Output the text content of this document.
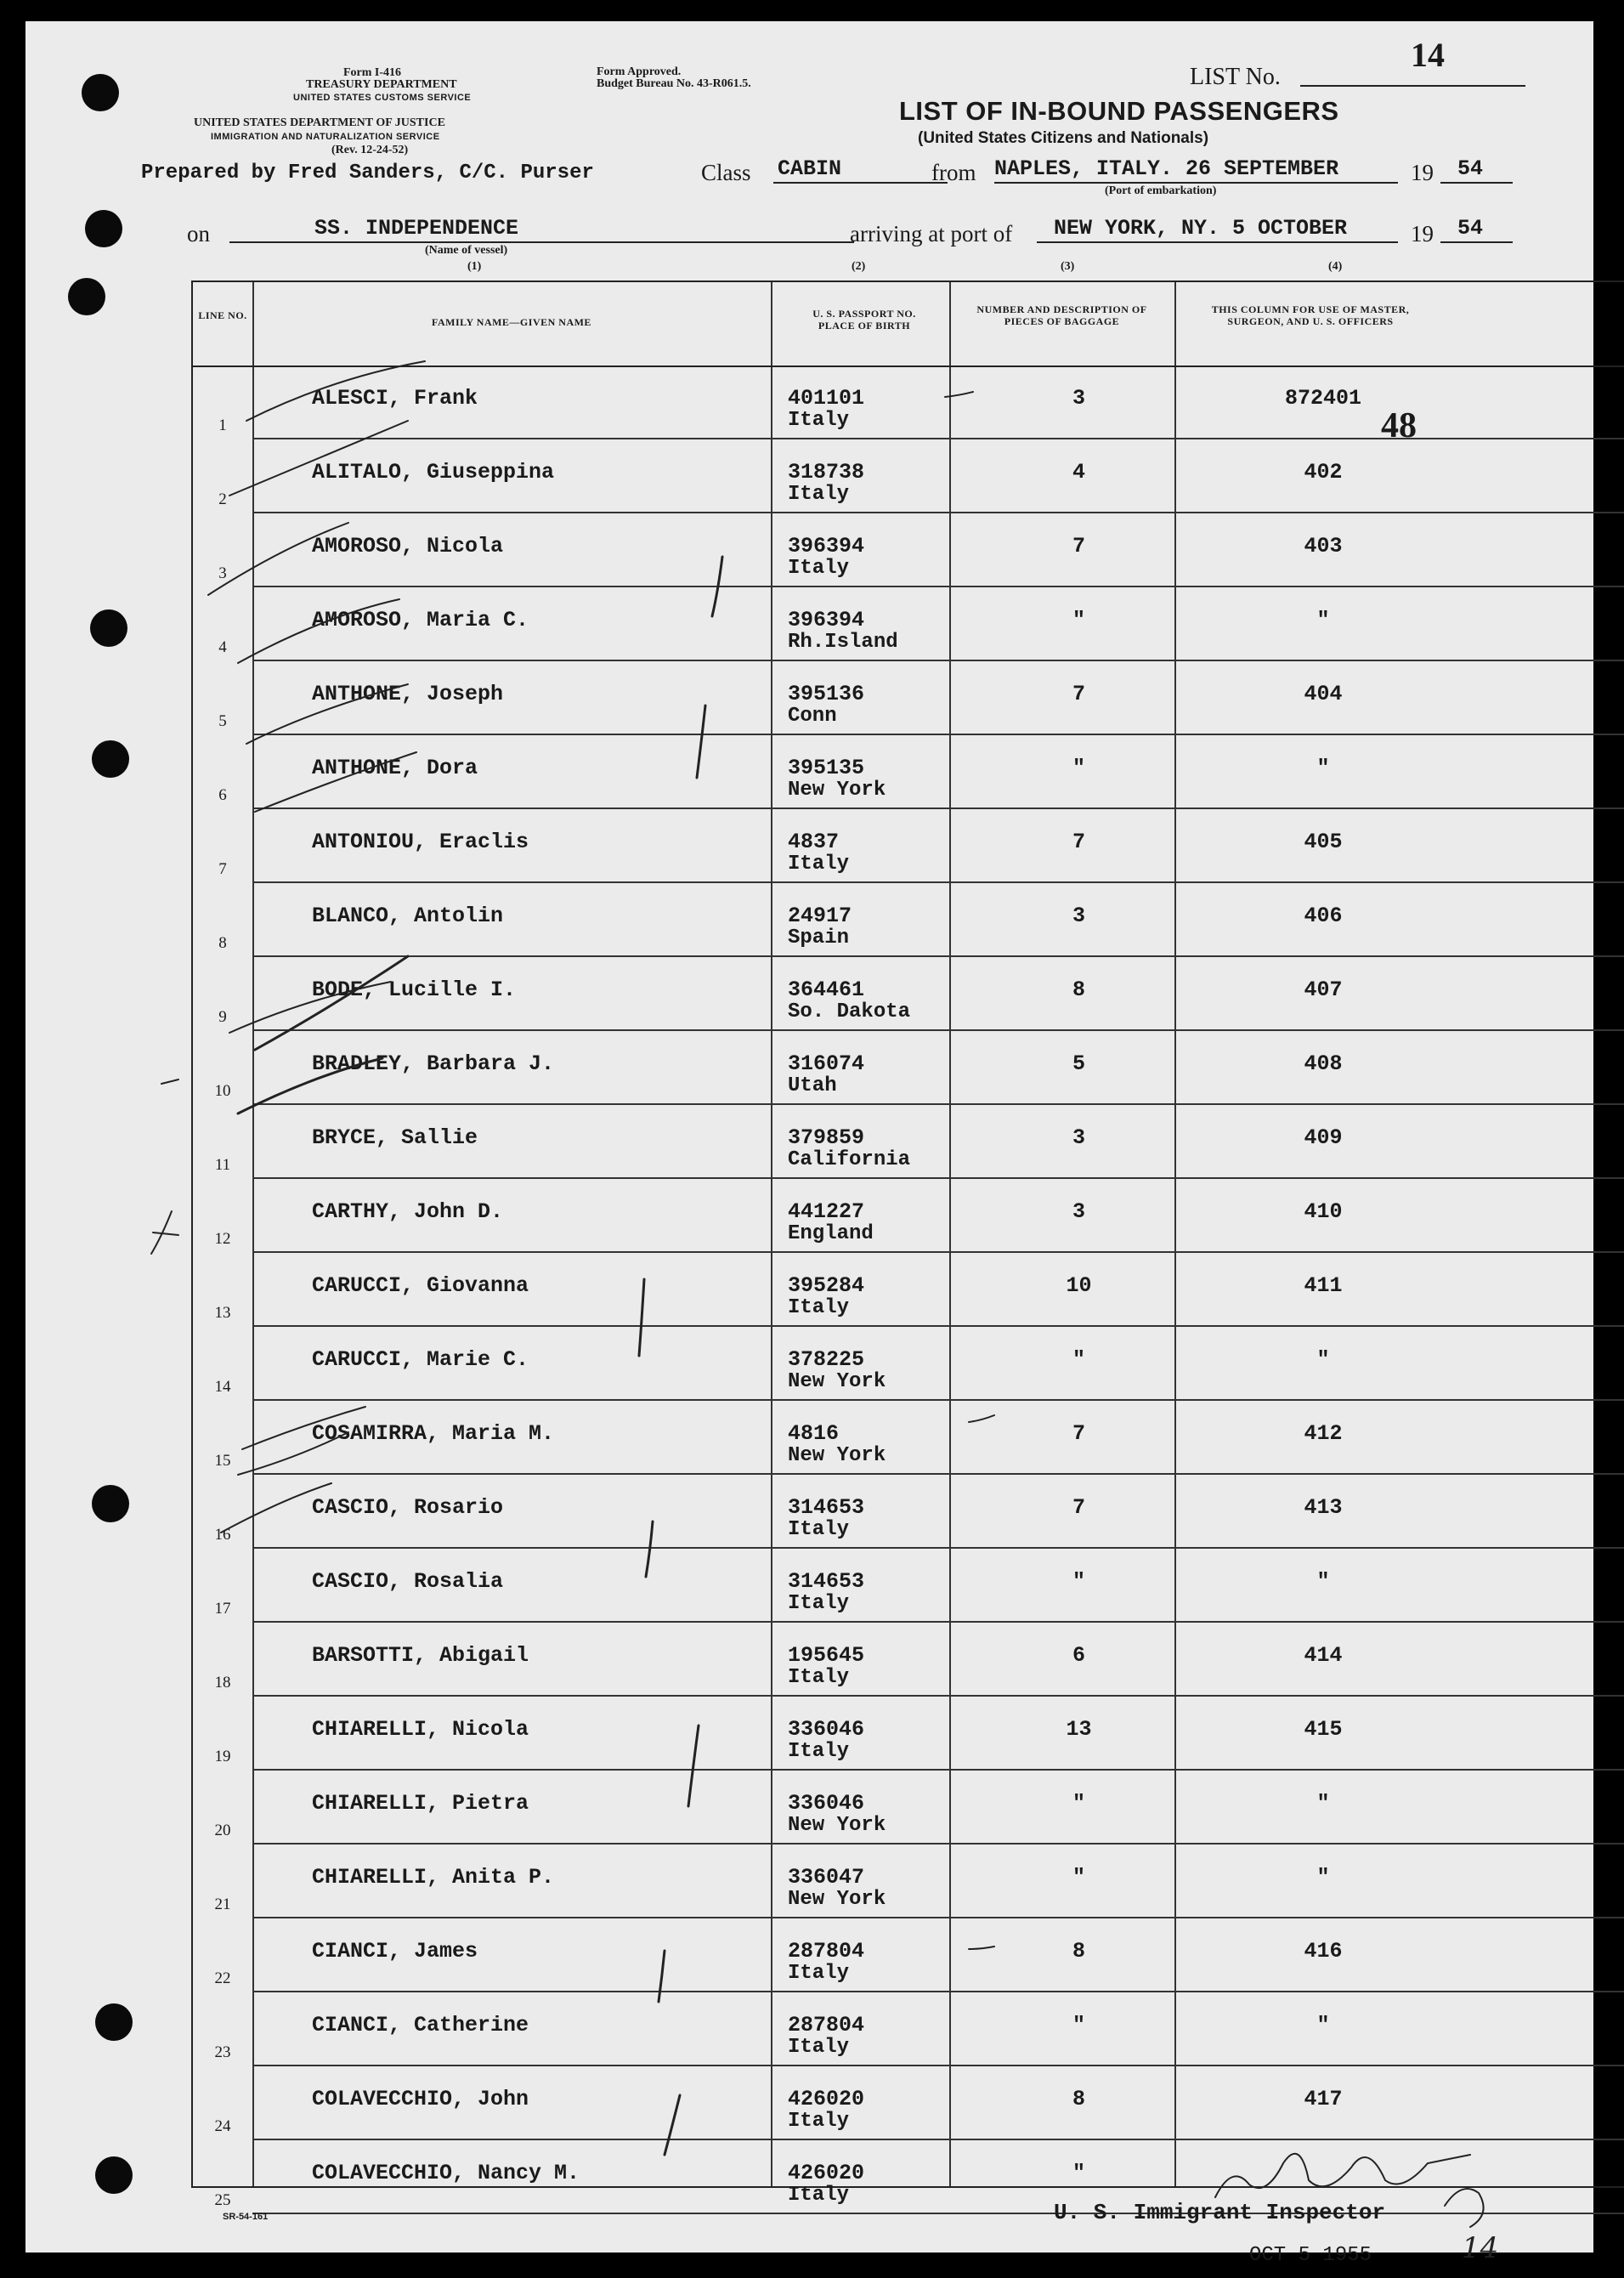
Form I-416
TREASURY DEPARTMENT
UNITED STATES CUSTOMS SERVICE
UNITED STATES DEPARTMENT OF JUSTICE
IMMIGRATION AND NATURALIZATION SERVICE
(Rev. 12-24-52)
Form Approved.
Budget Bureau No. 43-R061.5.	LIST No.
14
LIST OF IN-BOUND PASSENGERS
(United States Citizens and Nationals)
Prepared by Fred Sanders, C/C. Purser	Class CABIN	from NAPLES, ITALY. 26 SEPTEMBER	19 54
(Port of embarkation)
on	SS. INDEPENDENCE
(Name of vessel)
arriving at port of NEW YORK, NY. 5 OCTOBER	19 54
(1)	(2)	(3)	(4)
LINE NO.
FAMILY NAME—GIVEN NAME
U. S. PASSPORT NO. PLACE OF BIRTH
NUMBER AND DESCRIPTION OF PIECES OF BAGGAGE
THIS COLUMN FOR USE OF MASTER, SURGEON, AND U. S. OFFICERS
1
ALESCI, Frank	401101
Italy
3	872401
2
ALITALO, Giuseppina	318738
Italy
4	402
3
AMOROSO, Nicola	396394
Italy
7	403
4
AMOROSO, Maria C.	396394
Rh.Island
"	"
5
ANTHONE, Joseph	395136
Conn
7	404
6
ANTHONE, Dora	395135
New York
"	"
7
ANTONIOU, Eraclis	4837
Italy
7	405
8
BLANCO, Antolin	24917
Spain
3	406
9
BODE, Lucille I.	364461
So. Dakota
8	407
10
BRADLEY, Barbara J.	316074
Utah
5	408
11
BRYCE, Sallie	379859
California
3	409
12
CARTHY, John D.	441227
England
3	410
13
CARUCCI, Giovanna	395284
Italy
10	411
14
CARUCCI, Marie C.	378225
New York
"	"
15
COSAMIRRA, Maria M.	4816
New York
7	412
16
CASCIO, Rosario	314653
Italy
7	413
17
CASCIO, Rosalia	314653
Italy
"	"
18
BARSOTTI, Abigail	195645
Italy
6	414
19
CHIARELLI, Nicola	336046
Italy
13	415
20
CHIARELLI, Pietra	336046
New York
"	"
21
CHIARELLI, Anita P.	336047
New York
"	"
22
CIANCI, James	287804
Italy
8	416
23
CIANCI, Catherine	287804
Italy
"	"
24
COLAVECCHIO, John	426020
Italy
8	417
25
COLAVECCHIO, Nancy M.	426020
Italy
"
48
U. S. Immigrant Inspector
OCT 5 1955
SR-54-161
14
